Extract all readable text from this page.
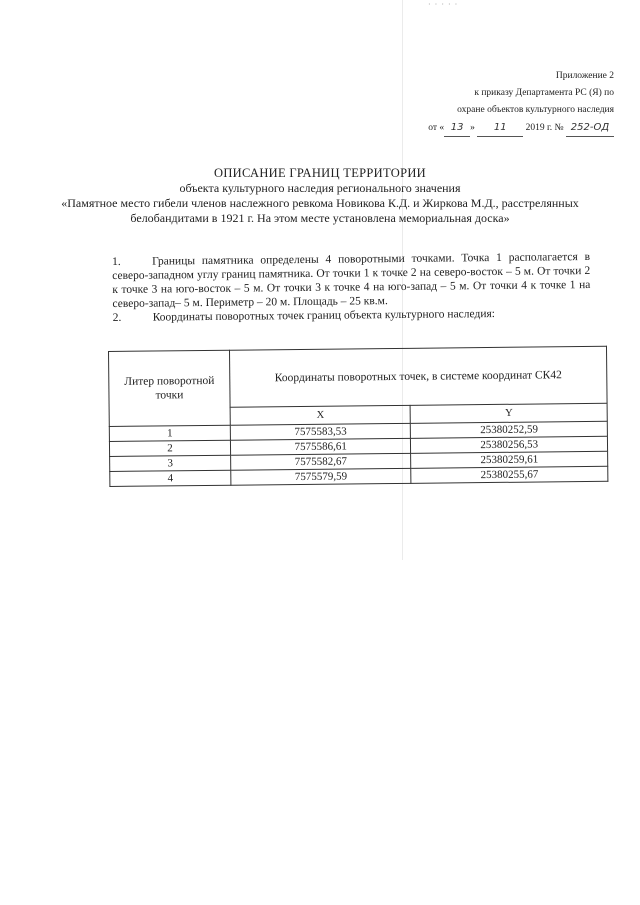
· · · · ·
Приложение 2
к приказу Департамента РС (Я) по
охране объектов культурного наследия
от « 13 » 11 2019 г. № 252-ОД
ОПИСАНИЕ ГРАНИЦ ТЕРРИТОРИИ
объекта культурного наследия регионального значения
«Памятное место гибели членов наслежного ревкома Новикова К.Д. и Жиркова М.Д., расстрелянных белобандитами в 1921 г. На этом месте установлена мемориальная доска»

1.	Границы памятника определены 4 поворотными точками. Точка 1 располагается в северо-западном углу границ памятника. От точки 1 к точке 2 на северо-восток – 5 м. От точки 2 к точке 3 на юго-восток – 5 м. От точки 3 к точке 4 на юго-запад – 5 м. От точки 4 к точке 1 на северо-запад– 5 м. Периметр – 20 м. Площадь – 25 кв.м.

2.	Координаты поворотных точек границ объекта культурного наследия:

Литер поворотной точки	Координаты поворотных точек, в системе координат СК42	
	X	Y
1	7575583,53	25380252,59
2	7575586,61	25380256,53
3	7575582,67	25380259,61
4	7575579,59	25380255,67
